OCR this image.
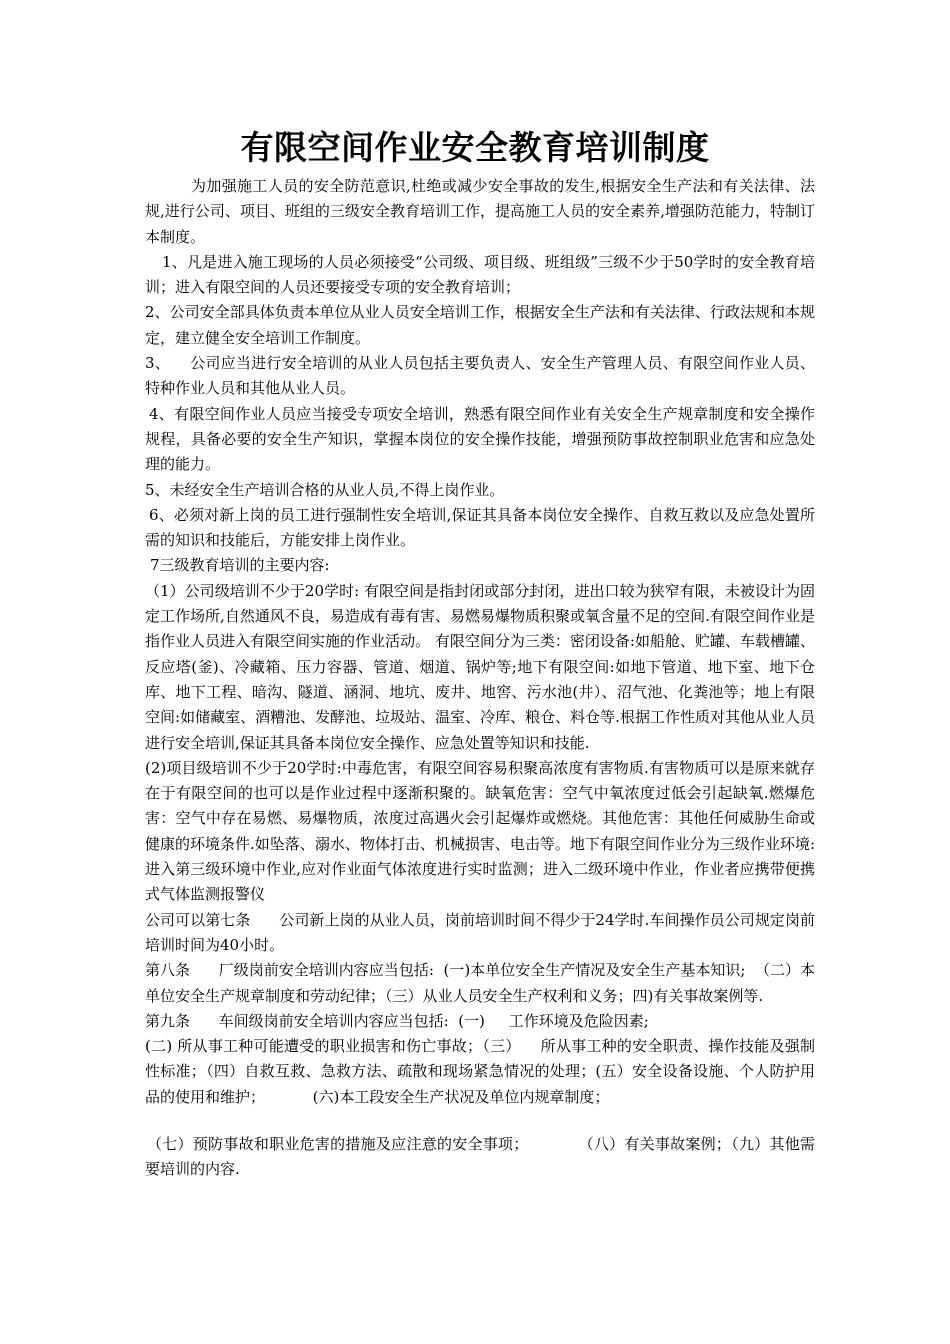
有限空间作业安全教育培训制度

为加强施工人员的安全防范意识,杜绝或减少安全事故的发生,根据安全生产法和有关法律、法规,进行公司、项目、班组的三级安全教育培训工作，提高施工人员的安全素养,增强防范能力，特制订本制度。

1、凡是进入施工现场的人员必须接受“公司级、项目级、班组级”三级不少于50学时的安全教育培训；进入有限空间的人员还要接受专项的安全教育培训；

2、公司安全部具体负责本单位从业人员安全培训工作，根据安全生产法和有关法律、行政法规和本规定，建立健全安全培训工作制度。

3、    公司应当进行安全培训的从业人员包括主要负责人、安全生产管理人员、有限空间作业人员、特种作业人员和其他从业人员。

4、有限空间作业人员应当接受专项安全培训，熟悉有限空间作业有关安全生产规章制度和安全操作规程，具备必要的安全生产知识，掌握本岗位的安全操作技能，增强预防事故控制职业危害和应急处理的能力。

5、未经安全生产培训合格的从业人员,不得上岗作业。

6、必须对新上岗的员工进行强制性安全培训,保证其具备本岗位安全操作、自救互救以及应急处置所需的知识和技能后，方能安排上岗作业。

7三级教育培训的主要内容:

（1）公司级培训不少于20学时: 有限空间是指封闭或部分封闭，进出口较为狭窄有限，未被设计为固定工作场所,自然通风不良，易造成有毒有害、易燃易爆物质积聚或氧含量不足的空间.有限空间作业是指作业人员进入有限空间实施的作业活动。 有限空间分为三类：密闭设备:如船舱、贮罐、车载槽罐、反应塔(釜)、冷藏箱、压力容器、管道、烟道、锅炉等;地下有限空间:如地下管道、地下室、地下仓库、地下工程、暗沟、隧道、涵洞、地坑、废井、地窖、污水池(井）、沼气池、化粪池等；地上有限空间:如储藏室、酒糟池、发酵池、垃圾站、温室、冷库、粮仓、料仓等.根据工作性质对其他从业人员进行安全培训,保证其具备本岗位安全操作、应急处置等知识和技能.

(2)项目级培训不少于20学时:中毒危害，有限空间容易积聚高浓度有害物质.有害物质可以是原来就存在于有限空间的也可以是作业过程中逐渐积聚的。缺氧危害：空气中氧浓度过低会引起缺氧.燃爆危害：空气中存在易燃、易爆物质，浓度过高遇火会引起爆炸或燃烧。其他危害：其他任何威胁生命或健康的环境条件.如坠落、溺水、物体打击、机械损害、电击等。地下有限空间作业分为三级作业环境:进入第三级环境中作业,应对作业面气体浓度进行实时监测；进入二级环境中作业，作业者应携带便携式气体监测报警仪

公司可以第七条      公司新上岗的从业人员，岗前培训时间不得少于24学时.车间操作员公司规定岗前培训时间为40小时。

第八条      厂级岗前安全培训内容应当包括:  (一)本单位安全生产情况及安全生产基本知识;  （二）本单位安全生产规章制度和劳动纪律；（三）从业人员安全生产权利和义务；四)有关事故案例等.

第九条      车间级岗前安全培训内容应当包括:  (一)     工作环境及危险因素;

(二) 所从事工种可能遭受的职业损害和伤亡事故；（三）    所从事工种的安全职责、操作技能及强制性标准；（四）自救互救、急救方法、疏散和现场紧急情况的处理；(五）安全设备设施、个人防护用品的使用和维护；          (六)本工段安全生产状况及单位内规章制度；

（七）预防事故和职业危害的措施及应注意的安全事项；          （八）有关事故案例；（九）其他需要培训的内容.
